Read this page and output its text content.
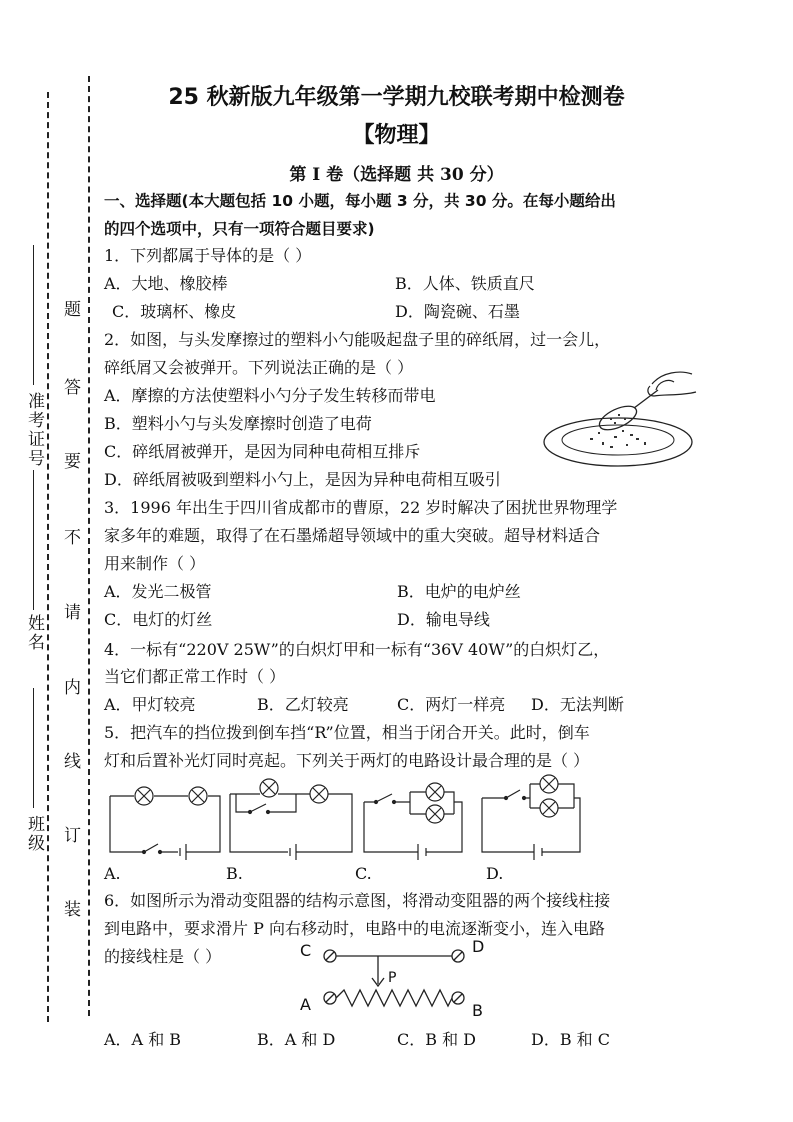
准考证号
姓名
班级
题
答
要
不
请
内
线
订
装
25 秋新版九年级第一学期九校联考期中检测卷
【物理】
第 I 卷（选择题 共 30 分）
一、选择题(本大题包括 10 小题，每小题 3 分，共 30 分。在每小题给出
的四个选项中，只有一项符合题目要求)
1．下列都属于导体的是（ ）
A．大地、橡胶棒	B．人体、铁质直尺
C．玻璃杯、橡皮	D．陶瓷碗、石墨
2．如图，与头发摩擦过的塑料小勺能吸起盘子里的碎纸屑，过一会儿，
碎纸屑又会被弹开。下列说法正确的是（ ）
A．摩擦的方法使塑料小勺分子发生转移而带电
B．塑料小勺与头发摩擦时创造了电荷
C．碎纸屑被弹开，是因为同种电荷相互排斥
D．碎纸屑被吸到塑料小勺上，是因为异种电荷相互吸引
3．1996 年出生于四川省成都市的曹原，22 岁时解决了困扰世界物理学
家多年的难题，取得了在石墨烯超导领域中的重大突破。超导材料适合
用来制作（ ）
A．发光二极管	B．电炉的电炉丝
C．电灯的灯丝	D．输电导线
4．一标有“220V 25W”的白炽灯甲和一标有“36V 40W”的白炽灯乙，
当它们都正常工作时（ ）
A．甲灯较亮	B．乙灯较亮	C．两灯一样亮 D．无法判断
5．把汽车的挡位拨到倒车挡“R”位置，相当于闭合开关。此时，倒车
灯和后置补光灯同时亮起。下列关于两灯的电路设计最合理的是（ ）
A.	B.	C.	D.
6．如图所示为滑动变阻器的结构示意图，将滑动变阻器的两个接线柱接
到电路中，要求滑片 P 向右移动时，电路中的电流逐渐变小，连入电路
的接线柱是（ ）	C	D
P
A	B
A．A 和 B	B．A 和 D	C．B 和 D	D．B 和 C
